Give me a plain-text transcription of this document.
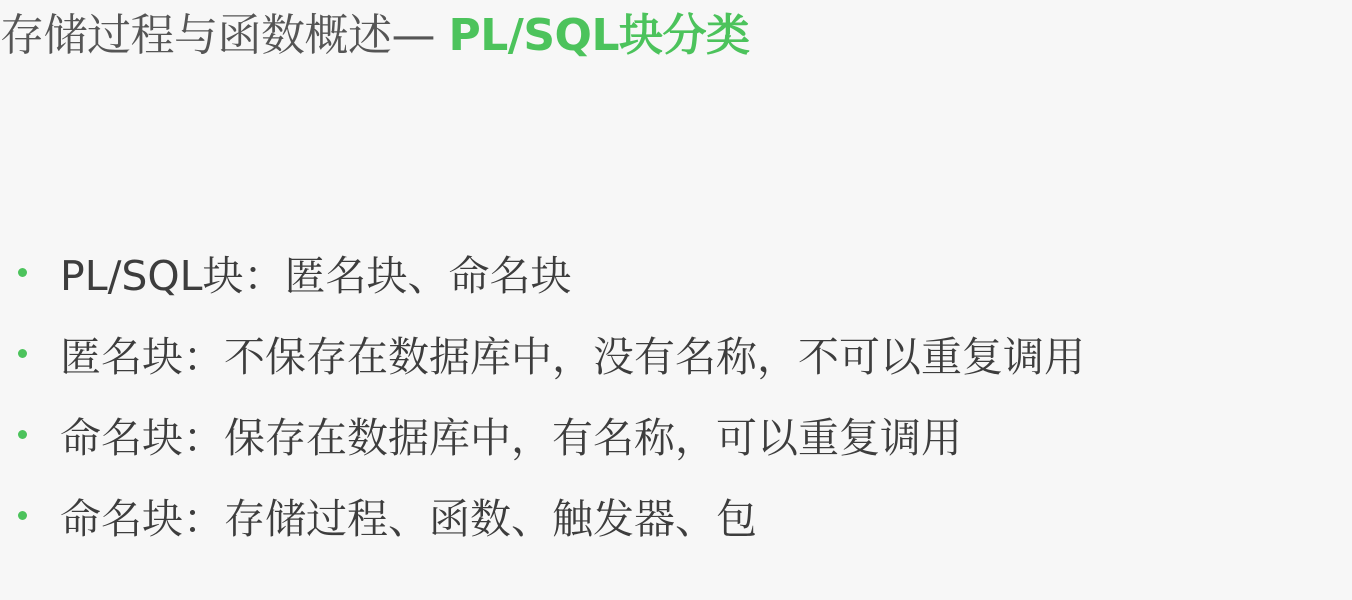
存储过程与函数概述— PL/SQL块分类
PL/SQL块：匿名块、命名块
匿名块：不保存在数据库中，没有名称，不可以重复调用
命名块：保存在数据库中，有名称，可以重复调用
命名块：存储过程、函数、触发器、包
